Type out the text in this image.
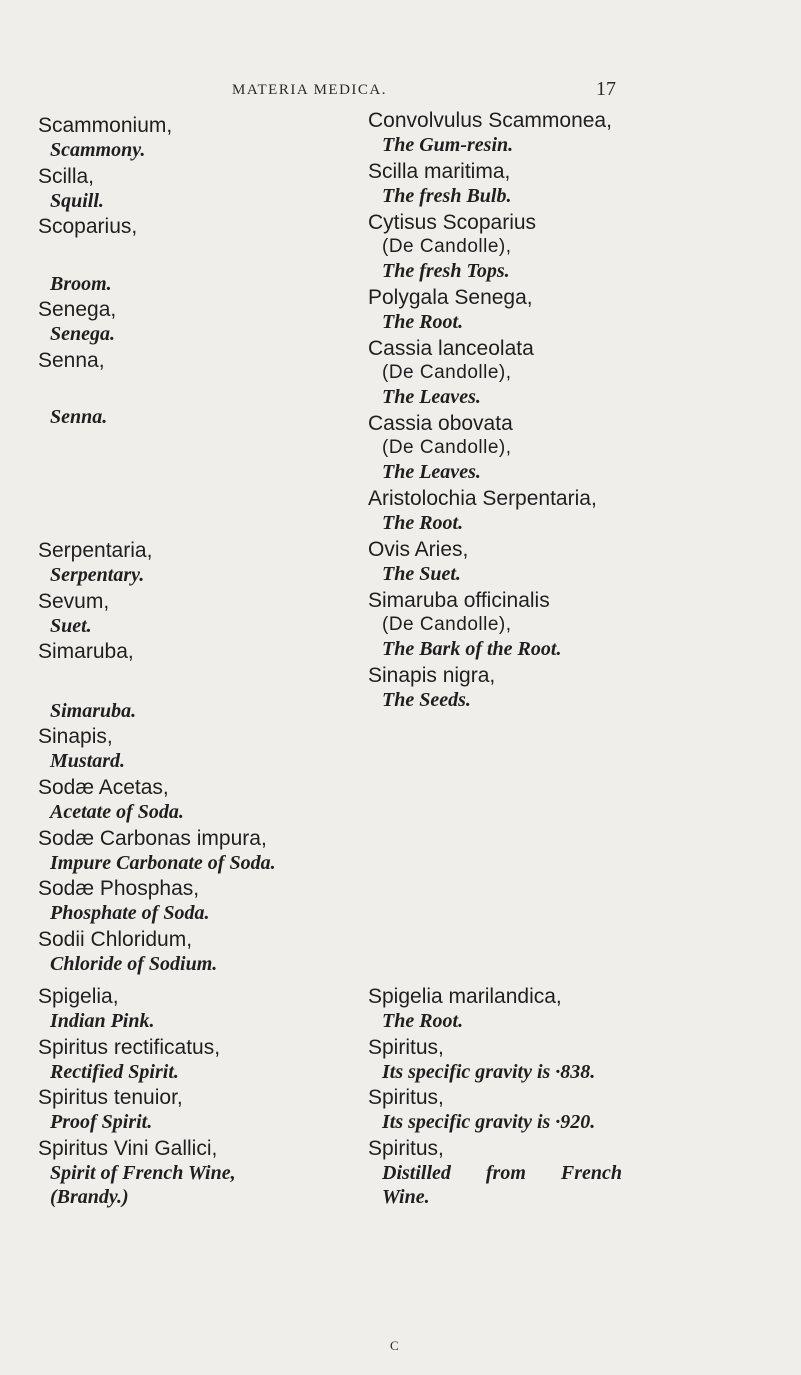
MATERIA MEDICA.	17
Scammonium,
Scammony.
Scilla,
Squill.
Scoparius,
Broom.
Senega,
Senega.
Senna,
Senna.
Serpentaria,
Serpentary.
Sevum,
Suet.
Simaruba,
Simaruba.
Sinapis,
Mustard.
Sodæ Acetas,
Acetate of Soda.
Sodæ Carbonas impura,
Impure Carbonate of Soda.
Sodæ Phosphas,
Phosphate of Soda.
Sodii Chloridum,
Chloride of Sodium.
Spigelia,
Indian Pink.
Spiritus rectificatus,
Rectified Spirit.
Spiritus tenuior,
Proof Spirit.
Spiritus Vini Gallici,
Spirit of French Wine,
(Brandy.)
Convolvulus Scammonea,
The Gum-resin.
Scilla maritima,
The fresh Bulb.
Cytisus Scoparius
(De Candolle),
The fresh Tops.
Polygala Senega,
The Root.
Cassia lanceolata
(De Candolle),
The Leaves.
Cassia obovata
(De Candolle),
The Leaves.
Aristolochia Serpentaria,
The Root.
Ovis Aries,
The Suet.
Simaruba officinalis
(De Candolle),
The Bark of the Root.
Sinapis nigra,
The Seeds.
Spigelia marilandica,
The Root.
Spiritus,
Its specific gravity is ·838.
Spiritus,
Its specific gravity is ·920.
Spiritus,
Distilled from French
Wine.
C
